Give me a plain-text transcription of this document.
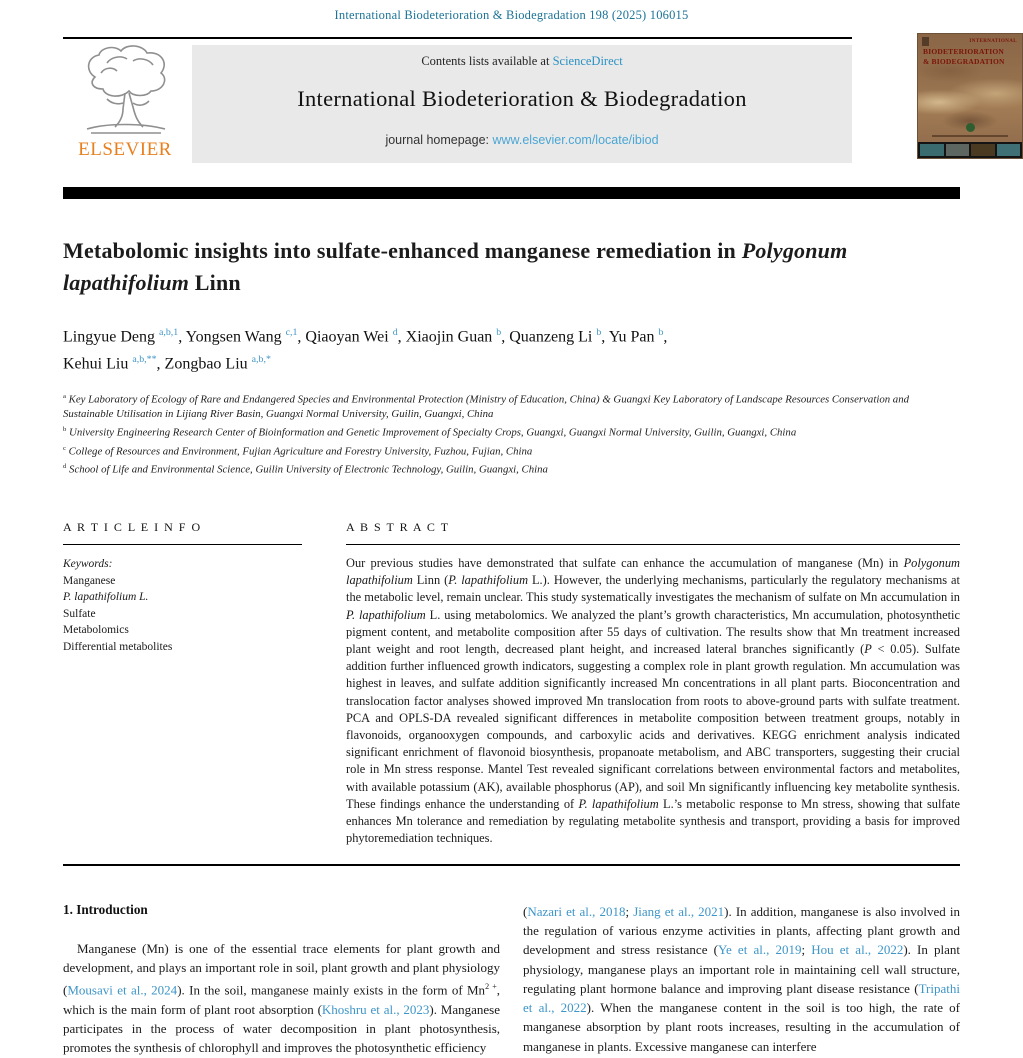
International Biodeterioration & Biodegradation 198 (2025) 106015
ELSEVIER
Contents lists available at ScienceDirect
International Biodeterioration & Biodegradation
journal homepage: www.elsevier.com/locate/ibiod
INTERNATIONAL
BIODETERIORATION
& BIODEGRADATION
Metabolomic insights into sulfate-enhanced manganese remediation in Polygonum lapathifolium Linn
Lingyue Deng $^{a,b,1}$, Yongsen Wang $^{c,1}$, Qiaoyan Wei $^d$, Xiaojin Guan $^b$, Quanzeng Li $^b$, Yu Pan $^b$,
Kehui Liu $^{a,b,**}$, Zongbao Liu $^{a,b,*}$
$^a$ Key Laboratory of Ecology of Rare and Endangered Species and Environmental Protection (Ministry of Education, China) & Guangxi Key Laboratory of Landscape Resources Conservation and Sustainable Utilisation in Lijiang River Basin, Guangxi Normal University, Guilin, Guangxi, China
$^b$ University Engineering Research Center of Bioinformation and Genetic Improvement of Specialty Crops, Guangxi, Guangxi Normal University, Guilin, Guangxi, China
$^c$ College of Resources and Environment, Fujian Agriculture and Forestry University, Fuzhou, Fujian, China
$^d$ School of Life and Environmental Science, Guilin University of Electronic Technology, Guilin, Guangxi, China
A R T I C L E I N F O
Keywords:
Manganese
P. lapathifolium L.
Sulfate
Metabolomics
Differential metabolites
A B S T R A C T
Our previous studies have demonstrated that sulfate can enhance the accumulation of manganese (Mn) in Polygonum lapathifolium Linn (P. lapathifolium L.). However, the underlying mechanisms, particularly the regulatory mechanisms at the metabolic level, remain unclear. This study systematically investigates the mechanism of sulfate on Mn accumulation in P. lapathifolium L. using metabolomics. We analyzed the plant’s growth characteristics, Mn accumulation, photosynthetic pigment content, and metabolite composition after 55 days of cultivation. The results show that Mn treatment increased plant weight and root length, decreased plant height, and increased lateral branches significantly (P < 0.05). Sulfate addition further influenced growth indicators, suggesting a complex role in plant growth regulation. Mn accumulation was highest in leaves, and sulfate addition significantly increased Mn concentrations in all plant parts. Bioconcentration and translocation factor analyses showed improved Mn translocation from roots to above-ground parts with sulfate treatment. PCA and OPLS-DA revealed significant differences in metabolite composition between treatment groups, notably in flavonoids, organooxygen compounds, and carboxylic acids and derivatives. KEGG enrichment analysis indicated significant enrichment of flavonoid biosynthesis, propanoate metabolism, and ABC transporters, suggesting their crucial role in Mn stress response. Mantel Test revealed significant correlations between environmental factors and metabolites, with available potassium (AK), available phosphorus (AP), and soil Mn significantly influencing key metabolite synthesis. These findings enhance the understanding of P. lapathifolium L.’s metabolic response to Mn stress, showing that sulfate enhances Mn tolerance and remediation by regulating metabolite synthesis and transport, providing a basis for improved phytoremediation techniques.
1. Introduction

Manganese (Mn) is one of the essential trace elements for plant growth and development, and plays an important role in soil, plant growth and plant physiology (Mousavi et al., 2024). In the soil, manganese mainly exists in the form of $Mn^{2 +}$, which is the main form of plant root absorption (Khoshru et al., 2023). Manganese participates in the process of water decomposition in plant photosynthesis, promotes the synthesis of chlorophyll and improves the photosynthetic efficiency

(Nazari et al., 2018; Jiang et al., 2021). In addition, manganese is also involved in the regulation of various enzyme activities in plants, affecting plant growth and development and stress resistance (Ye et al., 2019; Hou et al., 2022). In plant physiology, manganese plays an important role in maintaining cell wall structure, regulating plant hormone balance and improving plant disease resistance (Tripathi et al., 2022). When the manganese content in the soil is too high, the rate of manganese absorption by plant roots increases, resulting in the accumulation of manganese in plants. Excessive manganese can interfere
